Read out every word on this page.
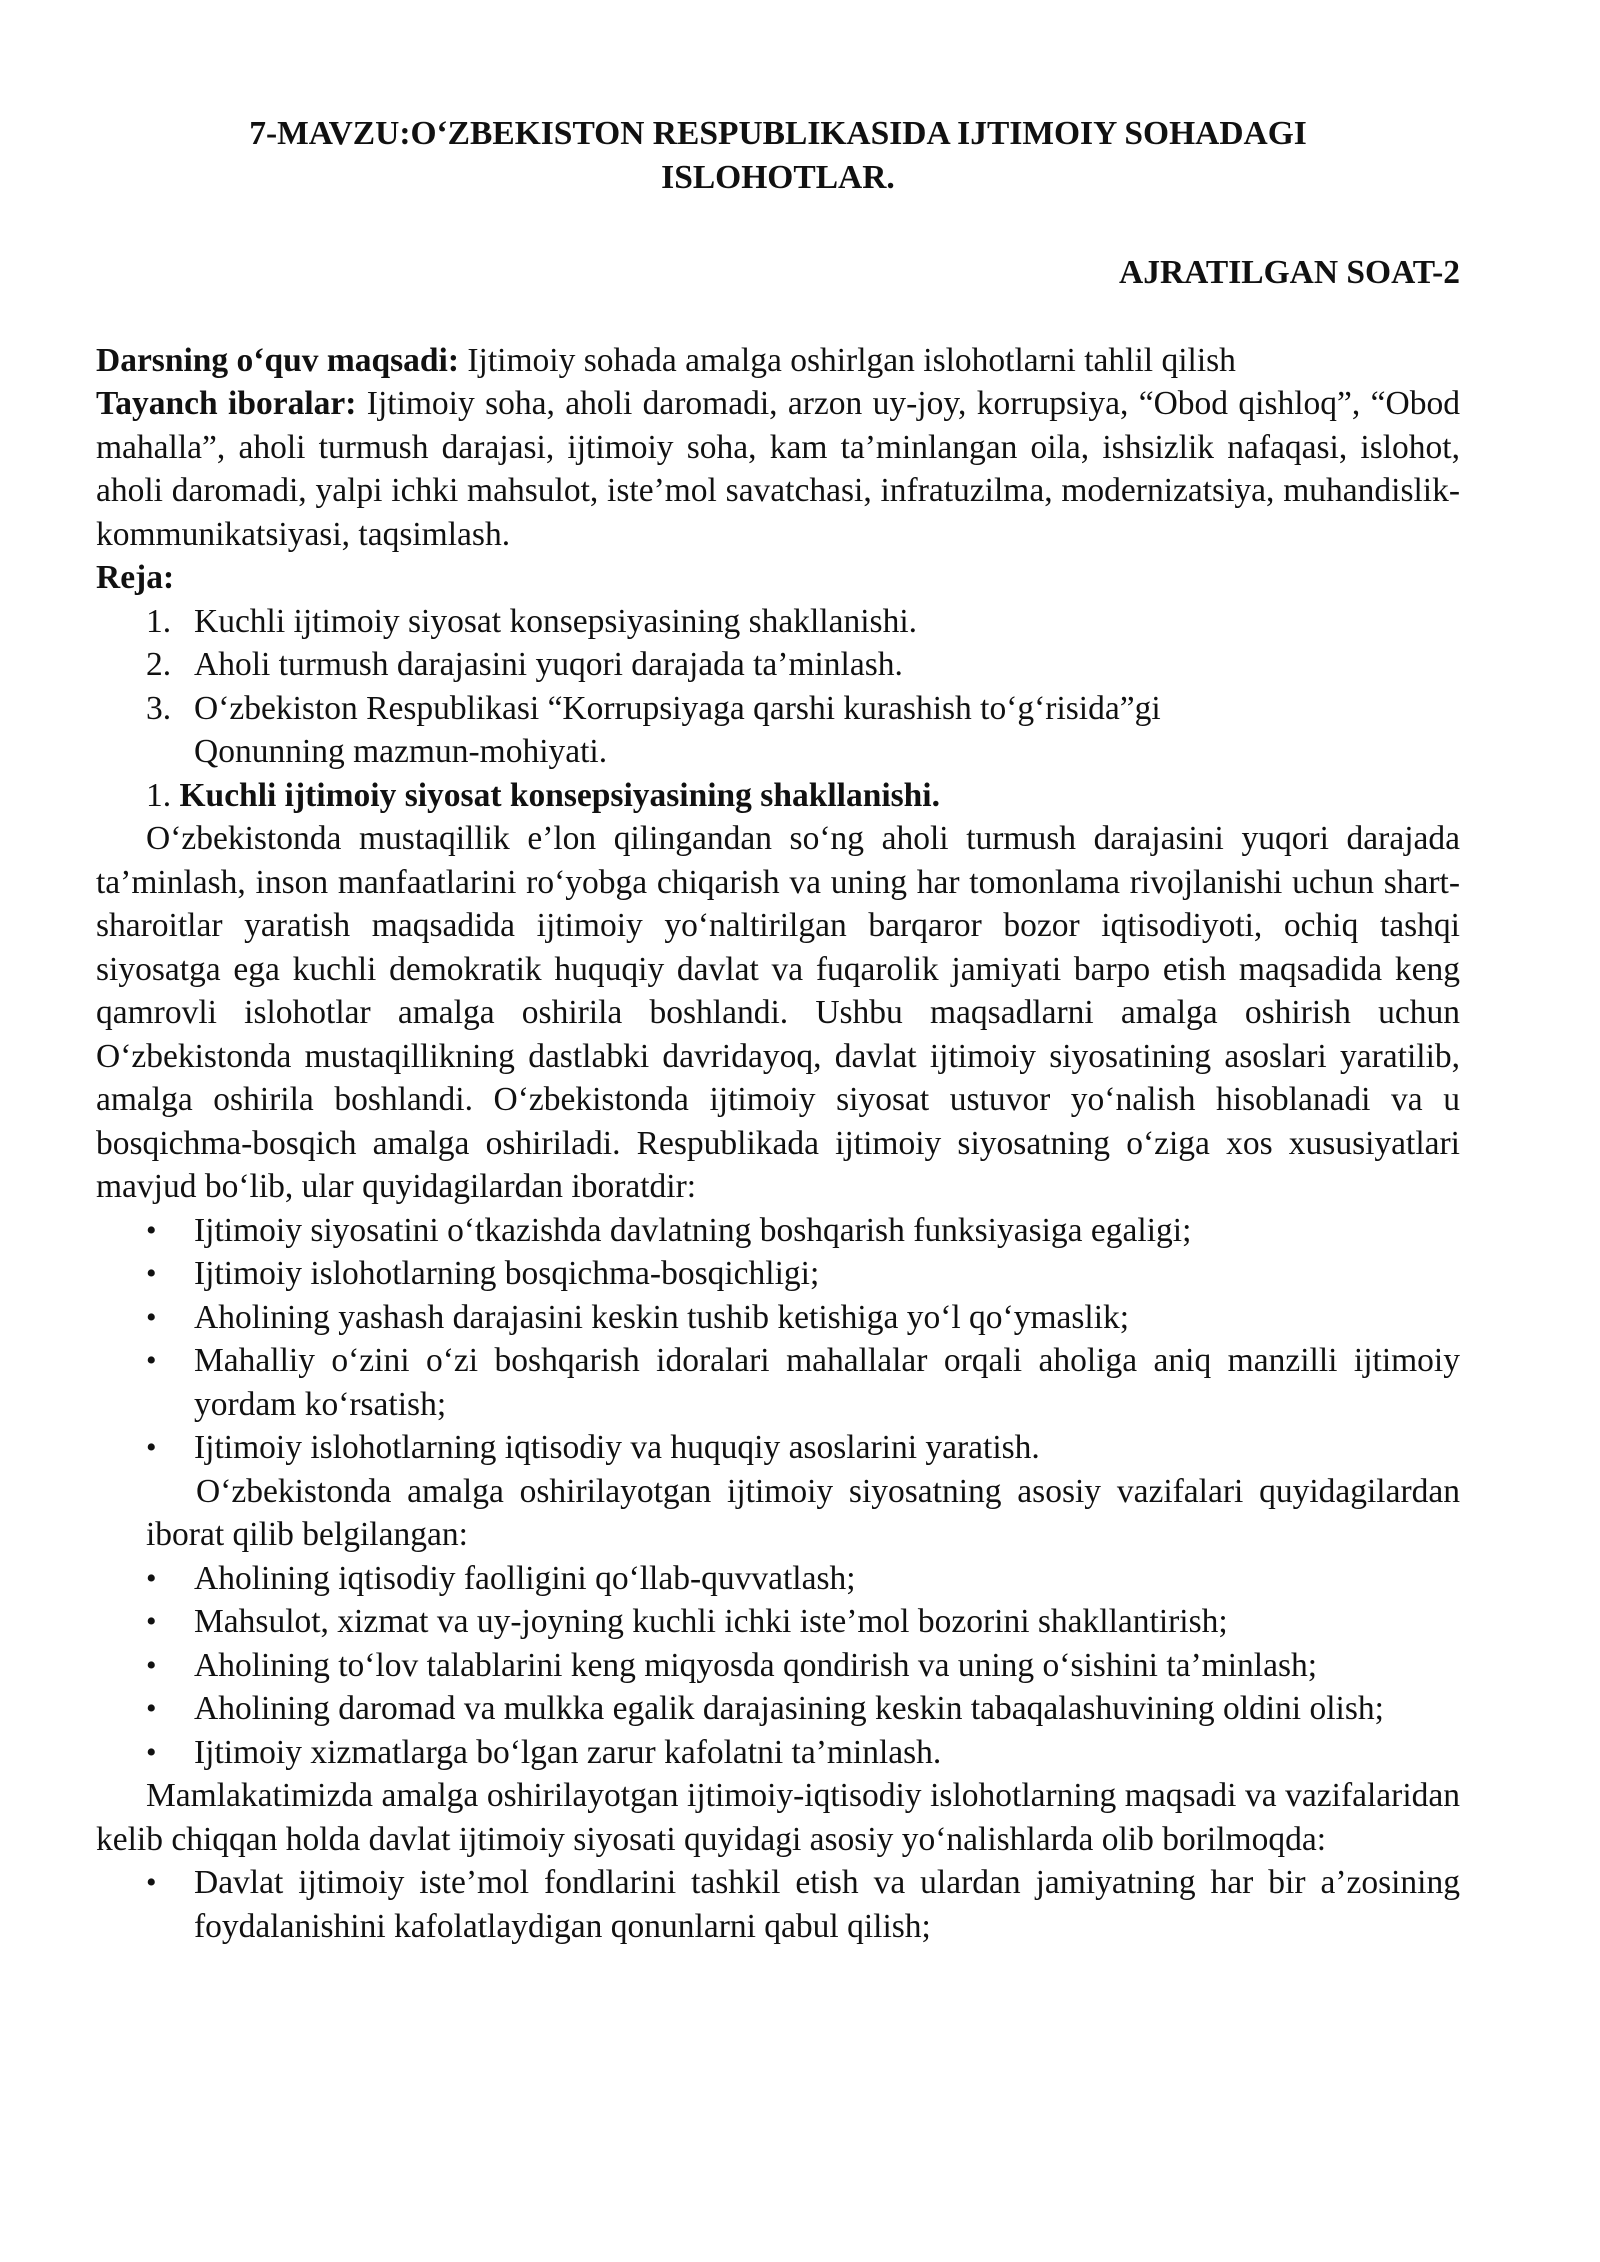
7-MAVZU:O‘ZBEKISTON RESPUBLIKASIDA IJTIMOIY SOHADAGI ISLOHOTLAR.
AJRATILGAN SOAT-2

Darsning o‘quv maqsadi: Ijtimoiy sohada amalga oshirlgan islohotlarni tahlil qilish

Tayanch iboralar: Ijtimoiy soha, aholi daromadi, arzon uy-joy, korrupsiya, “Obod qishloq”, “Obod mahalla”, aholi turmush darajasi, ijtimoiy soha, kam ta’minlangan oila, ishsizlik nafaqasi, islohot, aholi daromadi, yalpi ichki mahsulot, iste’mol savatchasi, infratuzilma, modernizatsiya, muhandislik-kommunikatsiyasi, taqsimlash.

Reja:

1. Kuchli ijtimoiy siyosat konsepsiyasining shakllanishi.
2. Aholi turmush darajasini yuqori darajada ta’minlash.
3. O‘zbekiston Respublikasi “Korrupsiyaga qarshi kurashish to‘g‘risida”gi Qonunning mazmun-mohiyati.
1. Kuchli ijtimoiy siyosat konsepsiyasining shakllanishi.

O‘zbekistonda mustaqillik e’lon qilingandan so‘ng aholi turmush darajasini yuqori darajada ta’minlash, inson manfaatlarini ro‘yobga chiqarish va uning har tomonlama rivojlanishi uchun shart-sharoitlar yaratish maqsadida ijtimoiy yo‘naltirilgan barqaror bozor iqtisodiyoti, ochiq tashqi siyosatga ega kuchli demokratik huquqiy davlat va fuqarolik jamiyati barpo etish maqsadida keng qamrovli islohotlar amalga oshirila boshlandi. Ushbu maqsadlarni amalga oshirish uchun O‘zbekistonda mustaqillikning dastlabki davridayoq, davlat ijtimoiy siyosatining asoslari yaratilib, amalga oshirila boshlandi. O‘zbekistonda ijtimoiy siyosat ustuvor yo‘nalish hisoblanadi va u bosqichma-bosqich amalga oshiriladi. Respublikada ijtimoiy siyosatning o‘ziga xos xususiyatlari mavjud bo‘lib, ular quyidagilardan iboratdir:

• Ijtimoiy siyosatini o‘tkazishda davlatning boshqarish funksiyasiga egaligi;
• Ijtimoiy islohotlarning bosqichma-bosqichligi;
• Aholining yashash darajasini keskin tushib ketishiga yo‘l qo‘ymaslik;
• Mahalliy o‘zini o‘zi boshqarish idoralari mahallalar orqali aholiga aniq manzilli ijtimoiy yordam ko‘rsatish;
• Ijtimoiy islohotlarning iqtisodiy va huquqiy asoslarini yaratish.

O‘zbekistonda amalga oshirilayotgan ijtimoiy siyosatning asosiy vazifalari quyidagilardan iborat qilib belgilangan:

• Aholining iqtisodiy faolligini qo‘llab-quvvatlash;
• Mahsulot, xizmat va uy-joyning kuchli ichki iste’mol bozorini shakllantirish;
• Aholining to‘lov talablarini keng miqyosda qondirish va uning o‘sishini ta’minlash;
• Aholining daromad va mulkka egalik darajasining keskin tabaqalashuvining oldini olish;
• Ijtimoiy xizmatlarga bo‘lgan zarur kafolatni ta’minlash.

Mamlakatimizda amalga oshirilayotgan ijtimoiy-iqtisodiy islohotlarning maqsadi va vazifalaridan kelib chiqqan holda davlat ijtimoiy siyosati quyidagi asosiy yo‘nalishlarda olib borilmoqda:

• Davlat ijtimoiy iste’mol fondlarini tashkil etish va ulardan jamiyatning har bir a’zosining foydalanishini kafolatlaydigan qonunlarni qabul qilish;
